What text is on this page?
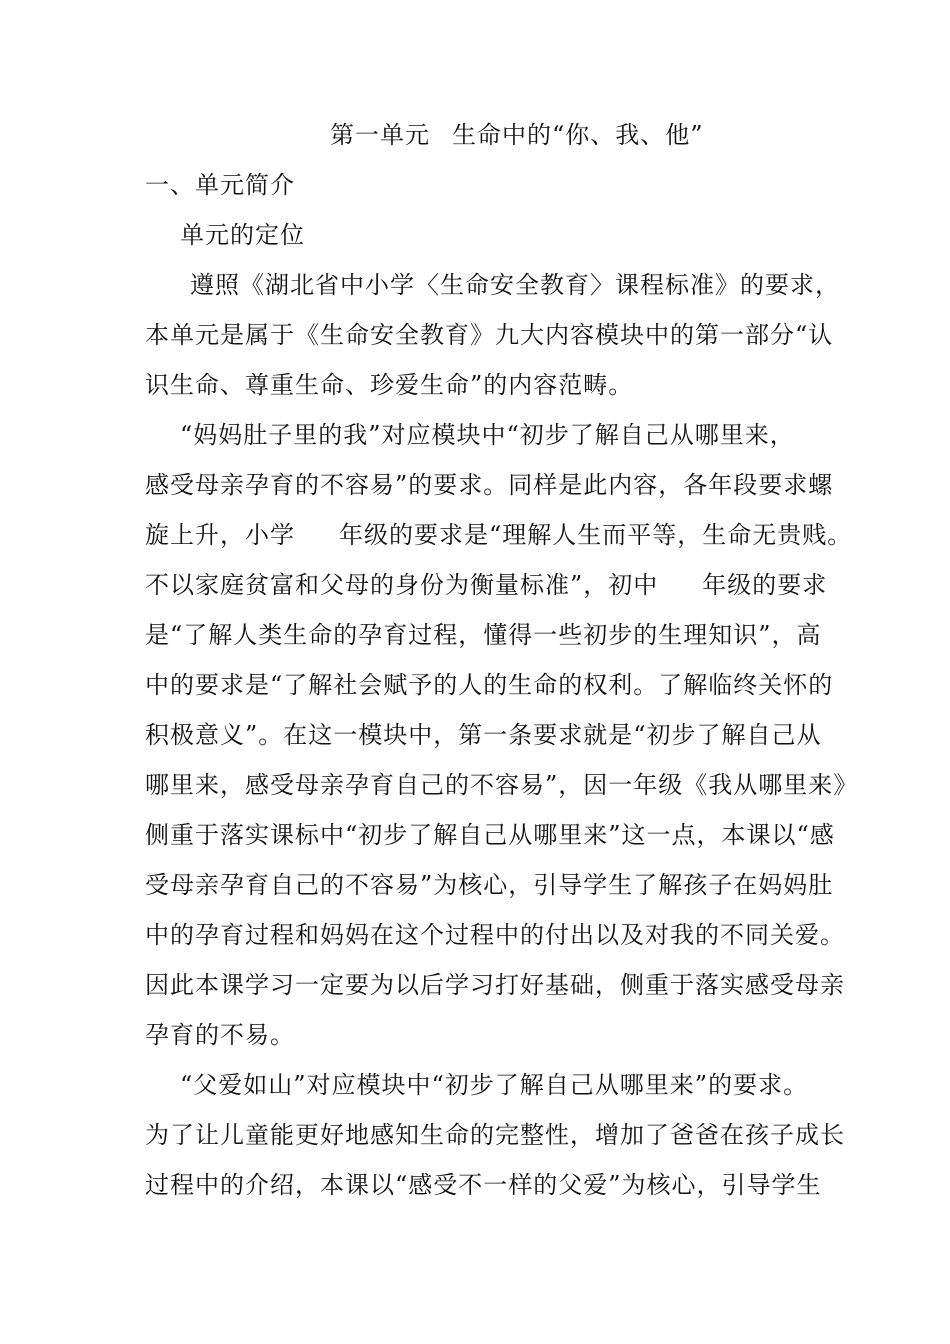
第一单元 生命中的“你、我、他”
一、单元简介
单元的定位
遵照《湖北省中小学〈生命安全教育〉课程标准》的要求，
本单元是属于《生命安全教育》九大内容模块中的第一部分“认
识生命、尊重生命、珍爱生命”的内容范畴。
“妈妈肚子里的我”对应模块中“初步了解自己从哪里来，
感受母亲孕育的不容易”的要求。同样是此内容，各年段要求螺
旋上升，小学 年级的要求是“理解人生而平等，生命无贵贱。
不以家庭贫富和父母的身份为衡量标准”，初中 年级的要求
是“了解人类生命的孕育过程，懂得一些初步的生理知识”，高
中的要求是“了解社会赋予的人的生命的权利。了解临终关怀的
积极意义”。在这一模块中，第一条要求就是“初步了解自己从
哪里来，感受母亲孕育自己的不容易”，因一年级《我从哪里来》
侧重于落实课标中“初步了解自己从哪里来”这一点，本课以“感
受母亲孕育自己的不容易”为核心，引导学生了解孩子在妈妈肚
中的孕育过程和妈妈在这个过程中的付出以及对我的不同关爱。
因此本课学习一定要为以后学习打好基础，侧重于落实感受母亲
孕育的不易。
“父爱如山”对应模块中“初步了解自己从哪里来”的要求。
为了让儿童能更好地感知生命的完整性，增加了爸爸在孩子成长
过程中的介绍，本课以“感受不一样的父爱”为核心，引导学生
